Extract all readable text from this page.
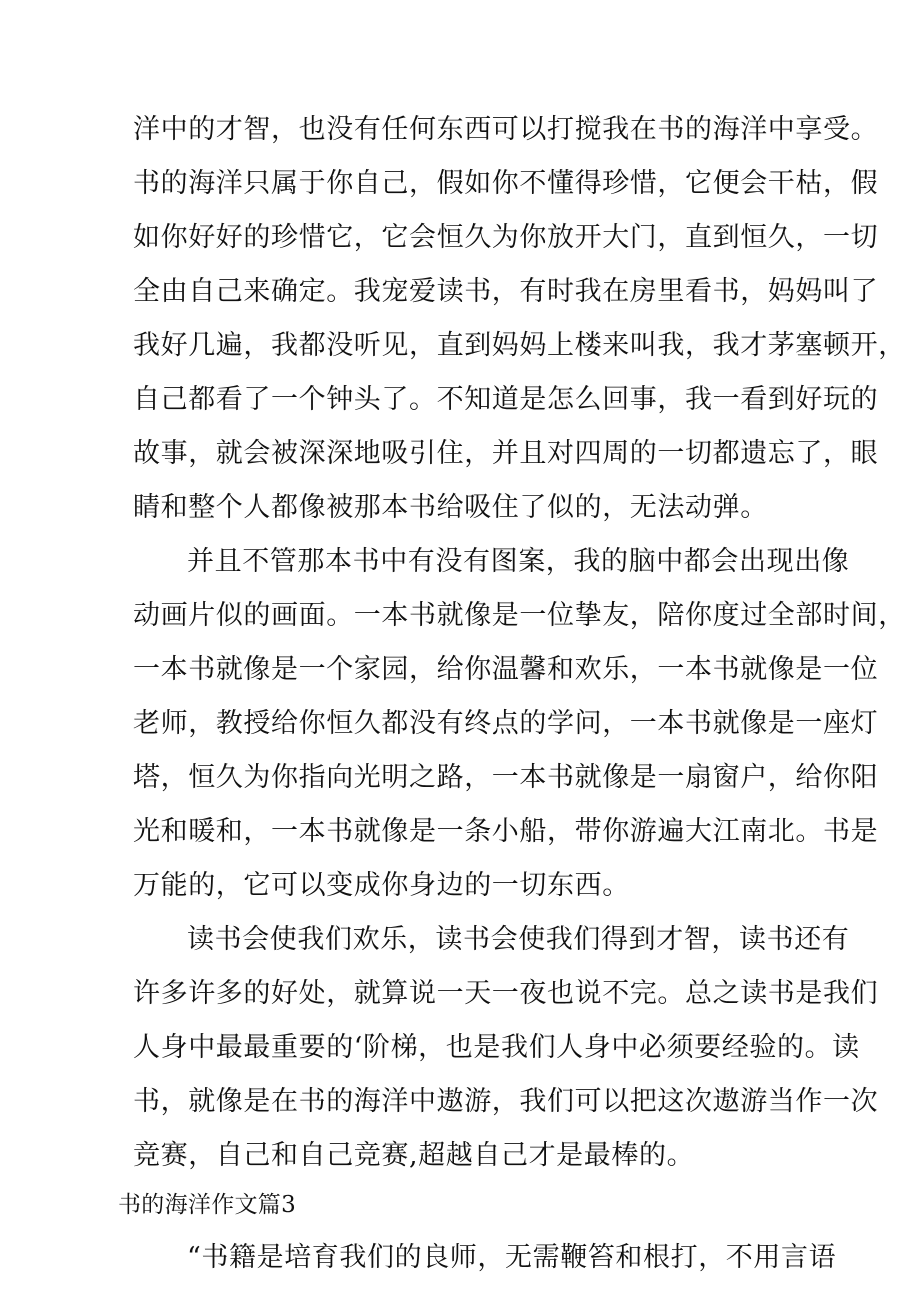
洋中的才智，也没有任何东西可以打搅我在书的海洋中享受。
书的海洋只属于你自己，假如你不懂得珍惜，它便会干枯，假
如你好好的珍惜它，它会恒久为你放开大门，直到恒久，一切
全由自己来确定。我宠爱读书，有时我在房里看书，妈妈叫了
我好几遍，我都没听见，直到妈妈上楼来叫我，我才茅塞顿开，
自己都看了一个钟头了。不知道是怎么回事，我一看到好玩的
故事，就会被深深地吸引住，并且对四周的一切都遗忘了，眼
睛和整个人都像被那本书给吸住了似的，无法动弹。
并且不管那本书中有没有图案，我的脑中都会出现出像
动画片似的画面。一本书就像是一位挚友，陪你度过全部时间，
一本书就像是一个家园，给你温馨和欢乐，一本书就像是一位
老师，教授给你恒久都没有终点的学问，一本书就像是一座灯
塔，恒久为你指向光明之路，一本书就像是一扇窗户，给你阳
光和暖和，一本书就像是一条小船，带你游遍大江南北。书是
万能的，它可以变成你身边的一切东西。
读书会使我们欢乐，读书会使我们得到才智，读书还有
许多许多的好处，就算说一天一夜也说不完。总之读书是我们
人身中最最重要的‘阶梯，也是我们人身中必须要经验的。读
书，就像是在书的海洋中遨游，我们可以把这次遨游当作一次
竞赛，自己和自己竞赛,超越自己才是最棒的。
书的海洋作文篇3
“书籍是培育我们的良师，无需鞭笞和根打，不用言语
